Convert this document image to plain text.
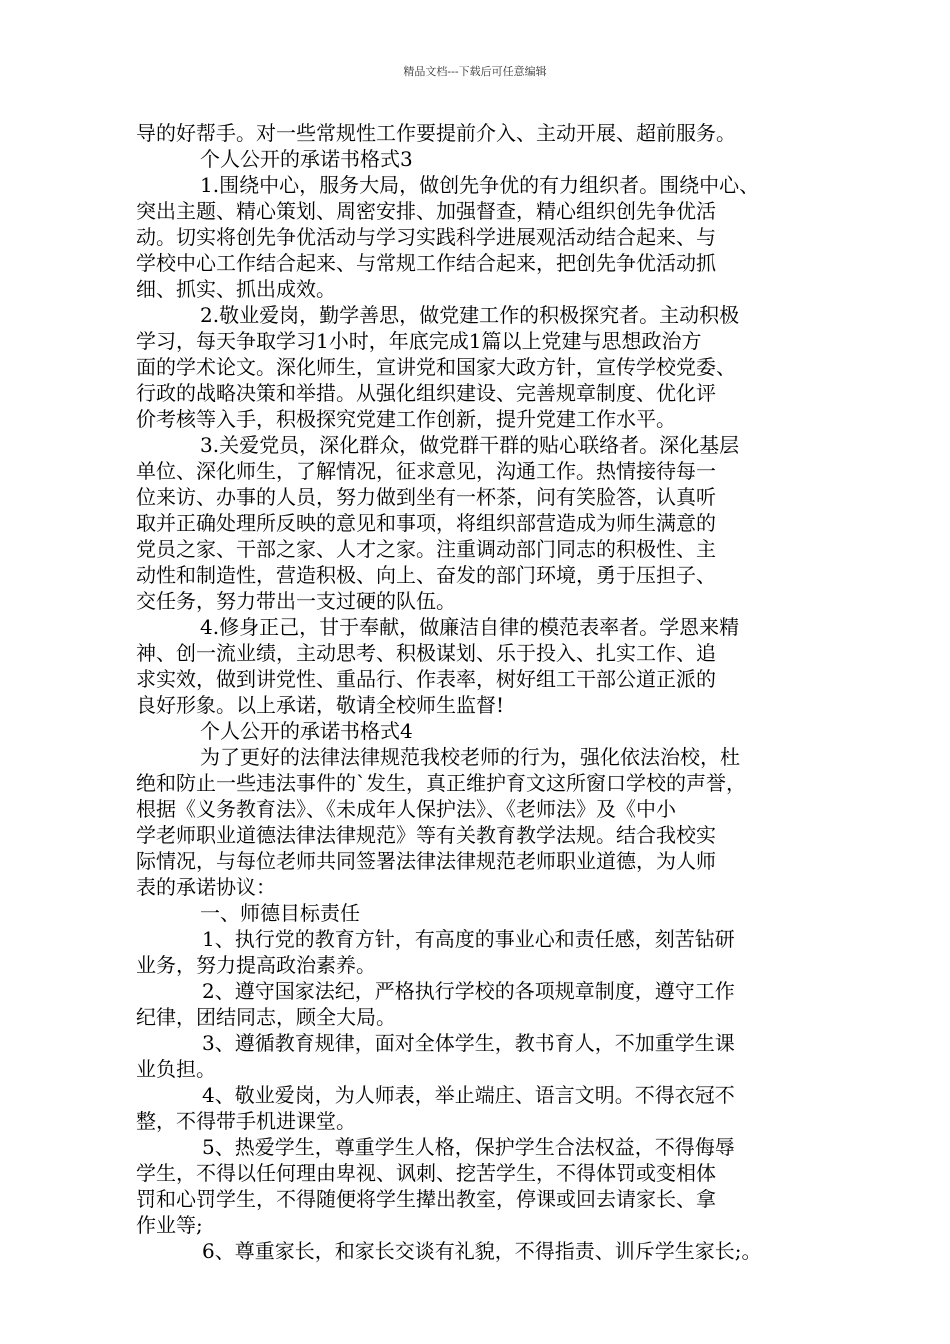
精品文档---下载后可任意编辑
导的好帮手。对一些常规性工作要提前介入、主动开展、超前服务。
个人公开的承诺书格式3
1.围绕中心，服务大局，做创先争优的有力组织者。围绕中心、
突出主题、精心策划、周密安排、加强督查，精心组织创先争优活
动。切实将创先争优活动与学习实践科学进展观活动结合起来、与
学校中心工作结合起来、与常规工作结合起来，把创先争优活动抓
细、抓实、抓出成效。
2.敬业爱岗，勤学善思，做党建工作的积极探究者。主动积极
学习，每天争取学习1小时，年底完成1篇以上党建与思想政治方
面的学术论文。深化师生，宣讲党和国家大政方针，宣传学校党委、
行政的战略决策和举措。从强化组织建设、完善规章制度、优化评
价考核等入手，积极探究党建工作创新，提升党建工作水平。
3.关爱党员，深化群众，做党群干群的贴心联络者。深化基层
单位、深化师生，了解情况，征求意见，沟通工作。热情接待每一
位来访、办事的人员，努力做到坐有一杯茶，问有笑脸答，认真听
取并正确处理所反映的意见和事项，将组织部营造成为师生满意的
党员之家、干部之家、人才之家。注重调动部门同志的积极性、主
动性和制造性，营造积极、向上、奋发的部门环境，勇于压担子、
交任务，努力带出一支过硬的队伍。
4.修身正己，甘于奉献，做廉洁自律的模范表率者。学恩来精
神、创一流业绩，主动思考、积极谋划、乐于投入、扎实工作、追
求实效，做到讲党性、重品行、作表率，树好组工干部公道正派的
良好形象。以上承诺，敬请全校师生监督!
个人公开的承诺书格式4
为了更好的法律法律规范我校老师的行为，强化依法治校，杜
绝和防止一些违法事件的`发生，真正维护育文这所窗口学校的声誉，
根据《义务教育法》、《未成年人保护法》、《老师法》及《中小
学老师职业道德法律法律规范》等有关教育教学法规。结合我校实
际情况，与每位老师共同签署法律法律规范老师职业道德，为人师
表的承诺协议：
一、师德目标责任
1、执行党的教育方针，有高度的事业心和责任感，刻苦钻研
业务，努力提高政治素养。
2、遵守国家法纪，严格执行学校的各项规章制度，遵守工作
纪律，团结同志，顾全大局。
3、遵循教育规律，面对全体学生，教书育人，不加重学生课
业负担。
4、敬业爱岗，为人师表，举止端庄、语言文明。不得衣冠不
整，不得带手机进课堂。
5、热爱学生，尊重学生人格，保护学生合法权益，不得侮辱
学生，不得以任何理由卑视、讽刺、挖苦学生，不得体罚或变相体
罚和心罚学生，不得随便将学生撵出教室，停课或回去请家长、拿
作业等;
6、尊重家长，和家长交谈有礼貌，不得指责、训斥学生家长;。
